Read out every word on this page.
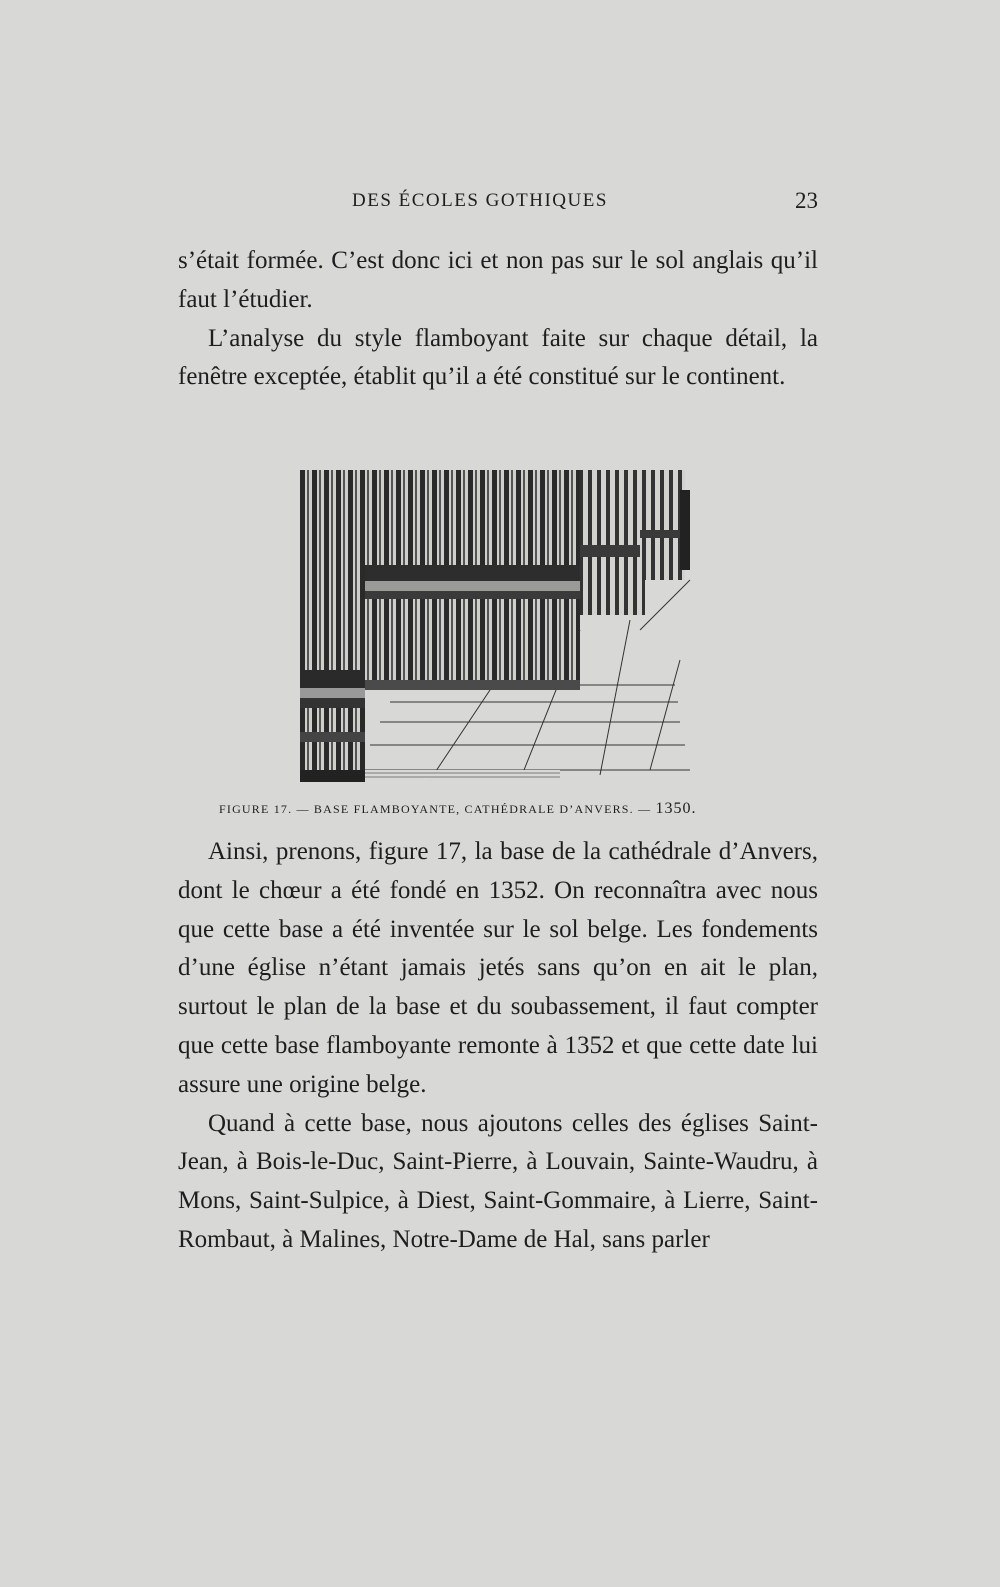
DES ÉCOLES GOTHIQUES	23

s’était formée. C’est donc ici et non pas sur le sol anglais qu’il faut l’étudier.

L’analyse du style flamboyant faite sur chaque détail, la fenêtre exceptée, établit qu’il a été constitué sur le continent.

FIGURE 17. — BASE FLAMBOYANTE, CATHÉDRALE D’ANVERS. — 1350.

Ainsi, prenons, figure 17, la base de la cathédrale d’Anvers, dont le chœur a été fondé en 1352. On reconnaîtra avec nous que cette base a été inventée sur le sol belge. Les fondements d’une église n’étant jamais jetés sans qu’on en ait le plan, surtout le plan de la base et du soubassement, il faut compter que cette base flamboyante remonte à 1352 et que cette date lui assure une origine belge.

Quand à cette base, nous ajoutons celles des églises Saint-Jean, à Bois-le-Duc, Saint-Pierre, à Louvain, Sainte-Waudru, à Mons, Saint-Sulpice, à Diest, Saint-Gommaire, à Lierre, Saint-Rombaut, à Malines, Notre-Dame de Hal, sans parler
